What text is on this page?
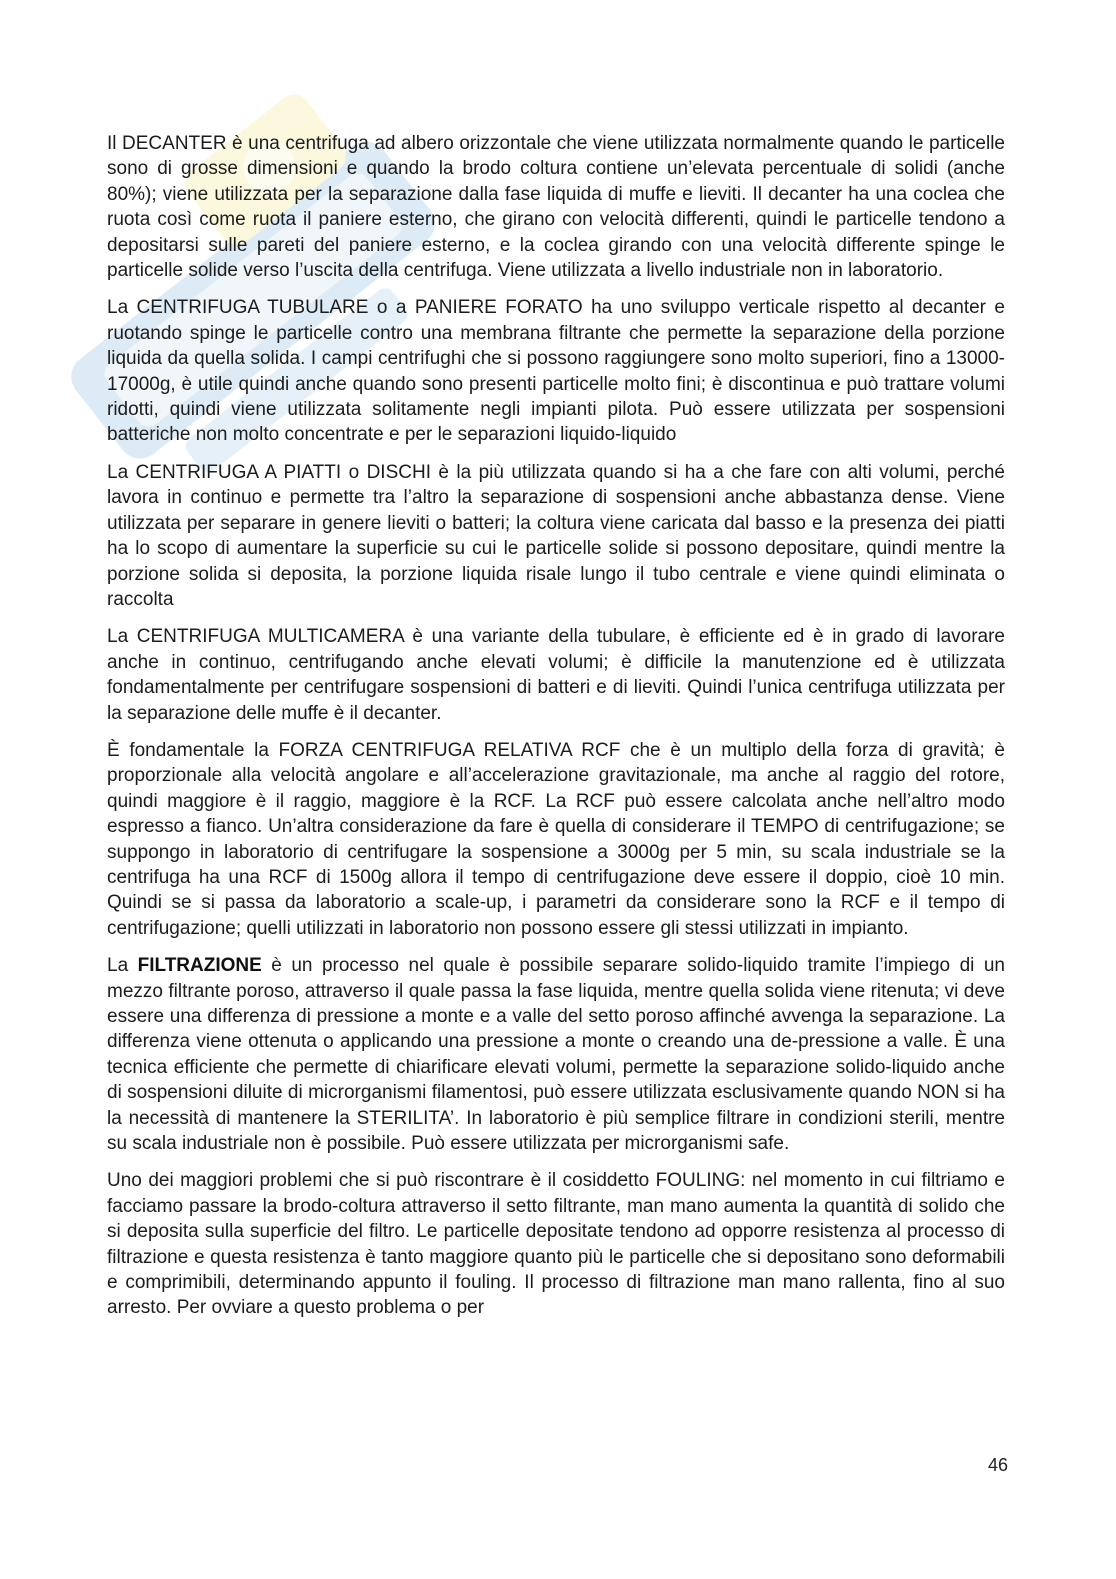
Il DECANTER è una centrifuga ad albero orizzontale che viene utilizzata normalmente quando le particelle sono di grosse dimensioni e quando la brodo coltura contiene un’elevata percentuale di solidi (anche 80%); viene utilizzata per la separazione dalla fase liquida di muffe e lieviti. Il decanter ha una coclea che ruota così come ruota il paniere esterno, che girano con velocità differenti, quindi le particelle tendono a depositarsi sulle pareti del paniere esterno, e la coclea girando con una velocità differente spinge le particelle solide verso l’uscita della centrifuga. Viene utilizzata a livello industriale non in laboratorio.

La CENTRIFUGA TUBULARE o a PANIERE FORATO ha uno sviluppo verticale rispetto al decanter e ruotando spinge le particelle contro una membrana filtrante che permette la separazione della porzione liquida da quella solida. I campi centrifughi che si possono raggiungere sono molto superiori, fino a 13000-17000g, è utile quindi anche quando sono presenti particelle molto fini; è discontinua e può trattare volumi ridotti, quindi viene utilizzata solitamente negli impianti pilota. Può essere utilizzata per sospensioni batteriche non molto concentrate e per le separazioni liquido-liquido

La CENTRIFUGA A PIATTI o DISCHI è la più utilizzata quando si ha a che fare con alti volumi, perché lavora in continuo e permette tra l’altro la separazione di sospensioni anche abbastanza dense. Viene utilizzata per separare in genere lieviti o batteri; la coltura viene caricata dal basso e la presenza dei piatti ha lo scopo di aumentare la superficie su cui le particelle solide si possono depositare, quindi mentre la porzione solida si deposita, la porzione liquida risale lungo il tubo centrale e viene quindi eliminata o raccolta

La CENTRIFUGA MULTICAMERA è una variante della tubulare, è efficiente ed è in grado di lavorare anche in continuo, centrifugando anche elevati volumi; è difficile la manutenzione ed è utilizzata fondamentalmente per centrifugare sospensioni di batteri e di lieviti. Quindi l’unica centrifuga utilizzata per la separazione delle muffe è il decanter.

È fondamentale la FORZA CENTRIFUGA RELATIVA RCF che è un multiplo della forza di gravità; è proporzionale alla velocità angolare e all’accelerazione gravitazionale, ma anche al raggio del rotore, quindi maggiore è il raggio, maggiore è la RCF. La RCF può essere calcolata anche nell’altro modo espresso a fianco. Un’altra considerazione da fare è quella di considerare il TEMPO di centrifugazione; se suppongo in laboratorio di centrifugare la sospensione a 3000g per 5 min, su scala industriale se la centrifuga ha una RCF di 1500g allora il tempo di centrifugazione deve essere il doppio, cioè 10 min. Quindi se si passa da laboratorio a scale-up, i parametri da considerare sono la RCF e il tempo di centrifugazione; quelli utilizzati in laboratorio non possono essere gli stessi utilizzati in impianto.

La FILTRAZIONE è un processo nel quale è possibile separare solido-liquido tramite l’impiego di un mezzo filtrante poroso, attraverso il quale passa la fase liquida, mentre quella solida viene ritenuta; vi deve essere una differenza di pressione a monte e a valle del setto poroso affinché avvenga la separazione. La differenza viene ottenuta o applicando una pressione a monte o creando una de-pressione a valle. È una tecnica efficiente che permette di chiarificare elevati volumi, permette la separazione solido-liquido anche di sospensioni diluite di microrganismi filamentosi, può essere utilizzata esclusivamente quando NON si ha la necessità di mantenere la STERILITA’. In laboratorio è più semplice filtrare in condizioni sterili, mentre su scala industriale non è possibile. Può essere utilizzata per microrganismi safe.

Uno dei maggiori problemi che si può riscontrare è il cosiddetto FOULING: nel momento in cui filtriamo e facciamo passare la brodo-coltura attraverso il setto filtrante, man mano aumenta la quantità di solido che si deposita sulla superficie del filtro. Le particelle depositate tendono ad opporre resistenza al processo di filtrazione e questa resistenza è tanto maggiore quanto più le particelle che si depositano sono deformabili e comprimibili, determinando appunto il fouling. Il processo di filtrazione man mano rallenta, fino al suo arresto. Per ovviare a questo problema o per

46
